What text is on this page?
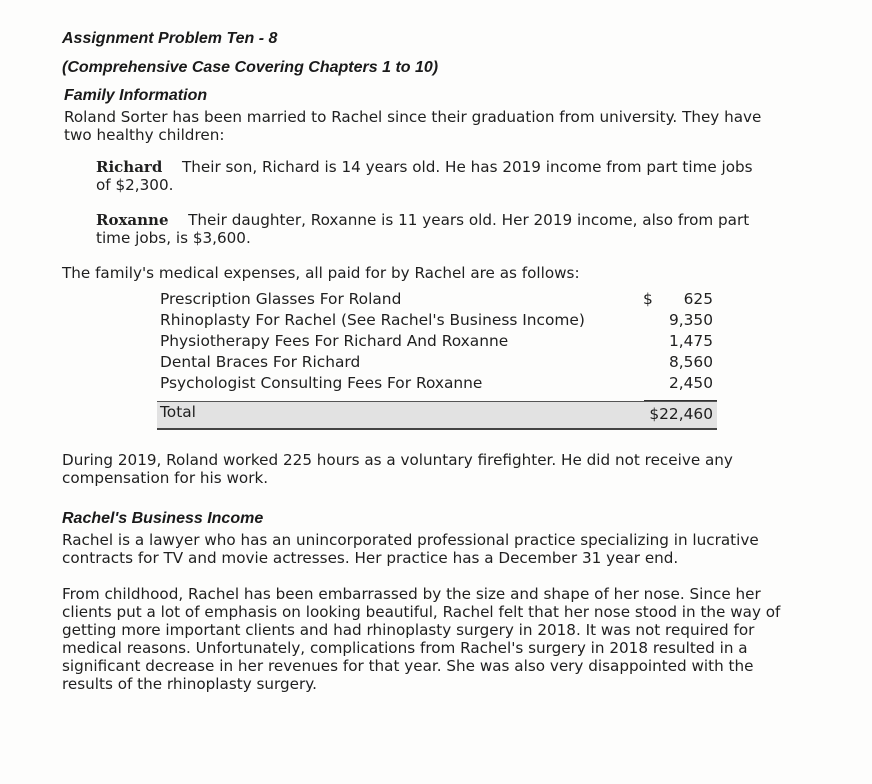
Assignment Problem Ten - 8
(Comprehensive Case Covering Chapters 1 to 10)
Family Information
Roland Sorter has been married to Rachel since their graduation from university. They have
two healthy children:
Richard Their son, Richard is 14 years old. He has 2019 income from part time jobs
of $2,300.
Roxanne Their daughter, Roxanne is 11 years old. Her 2019 income, also from part
time jobs, is $3,600.
The family's medical expenses, all paid for by Rachel are as follows:
Prescription Glasses For Roland
Rhinoplasty For Rachel (See Rachel's Business Income)
Physiotherapy Fees For Richard And Roxanne
Dental Braces For Richard
Psychologist Consulting Fees For Roxanne
$	625
9,350
1,475
8,560
2,450
Total	$22,460
During 2019, Roland worked 225 hours as a voluntary firefighter. He did not receive any
compensation for his work.
Rachel's Business Income
Rachel is a lawyer who has an unincorporated professional practice specializing in lucrative
contracts for TV and movie actresses. Her practice has a December 31 year end.
From childhood, Rachel has been embarrassed by the size and shape of her nose. Since her
clients put a lot of emphasis on looking beautiful, Rachel felt that her nose stood in the way of
getting more important clients and had rhinoplasty surgery in 2018. It was not required for
medical reasons. Unfortunately, complications from Rachel's surgery in 2018 resulted in a
significant decrease in her revenues for that year. She was also very disappointed with the
results of the rhinoplasty surgery.
